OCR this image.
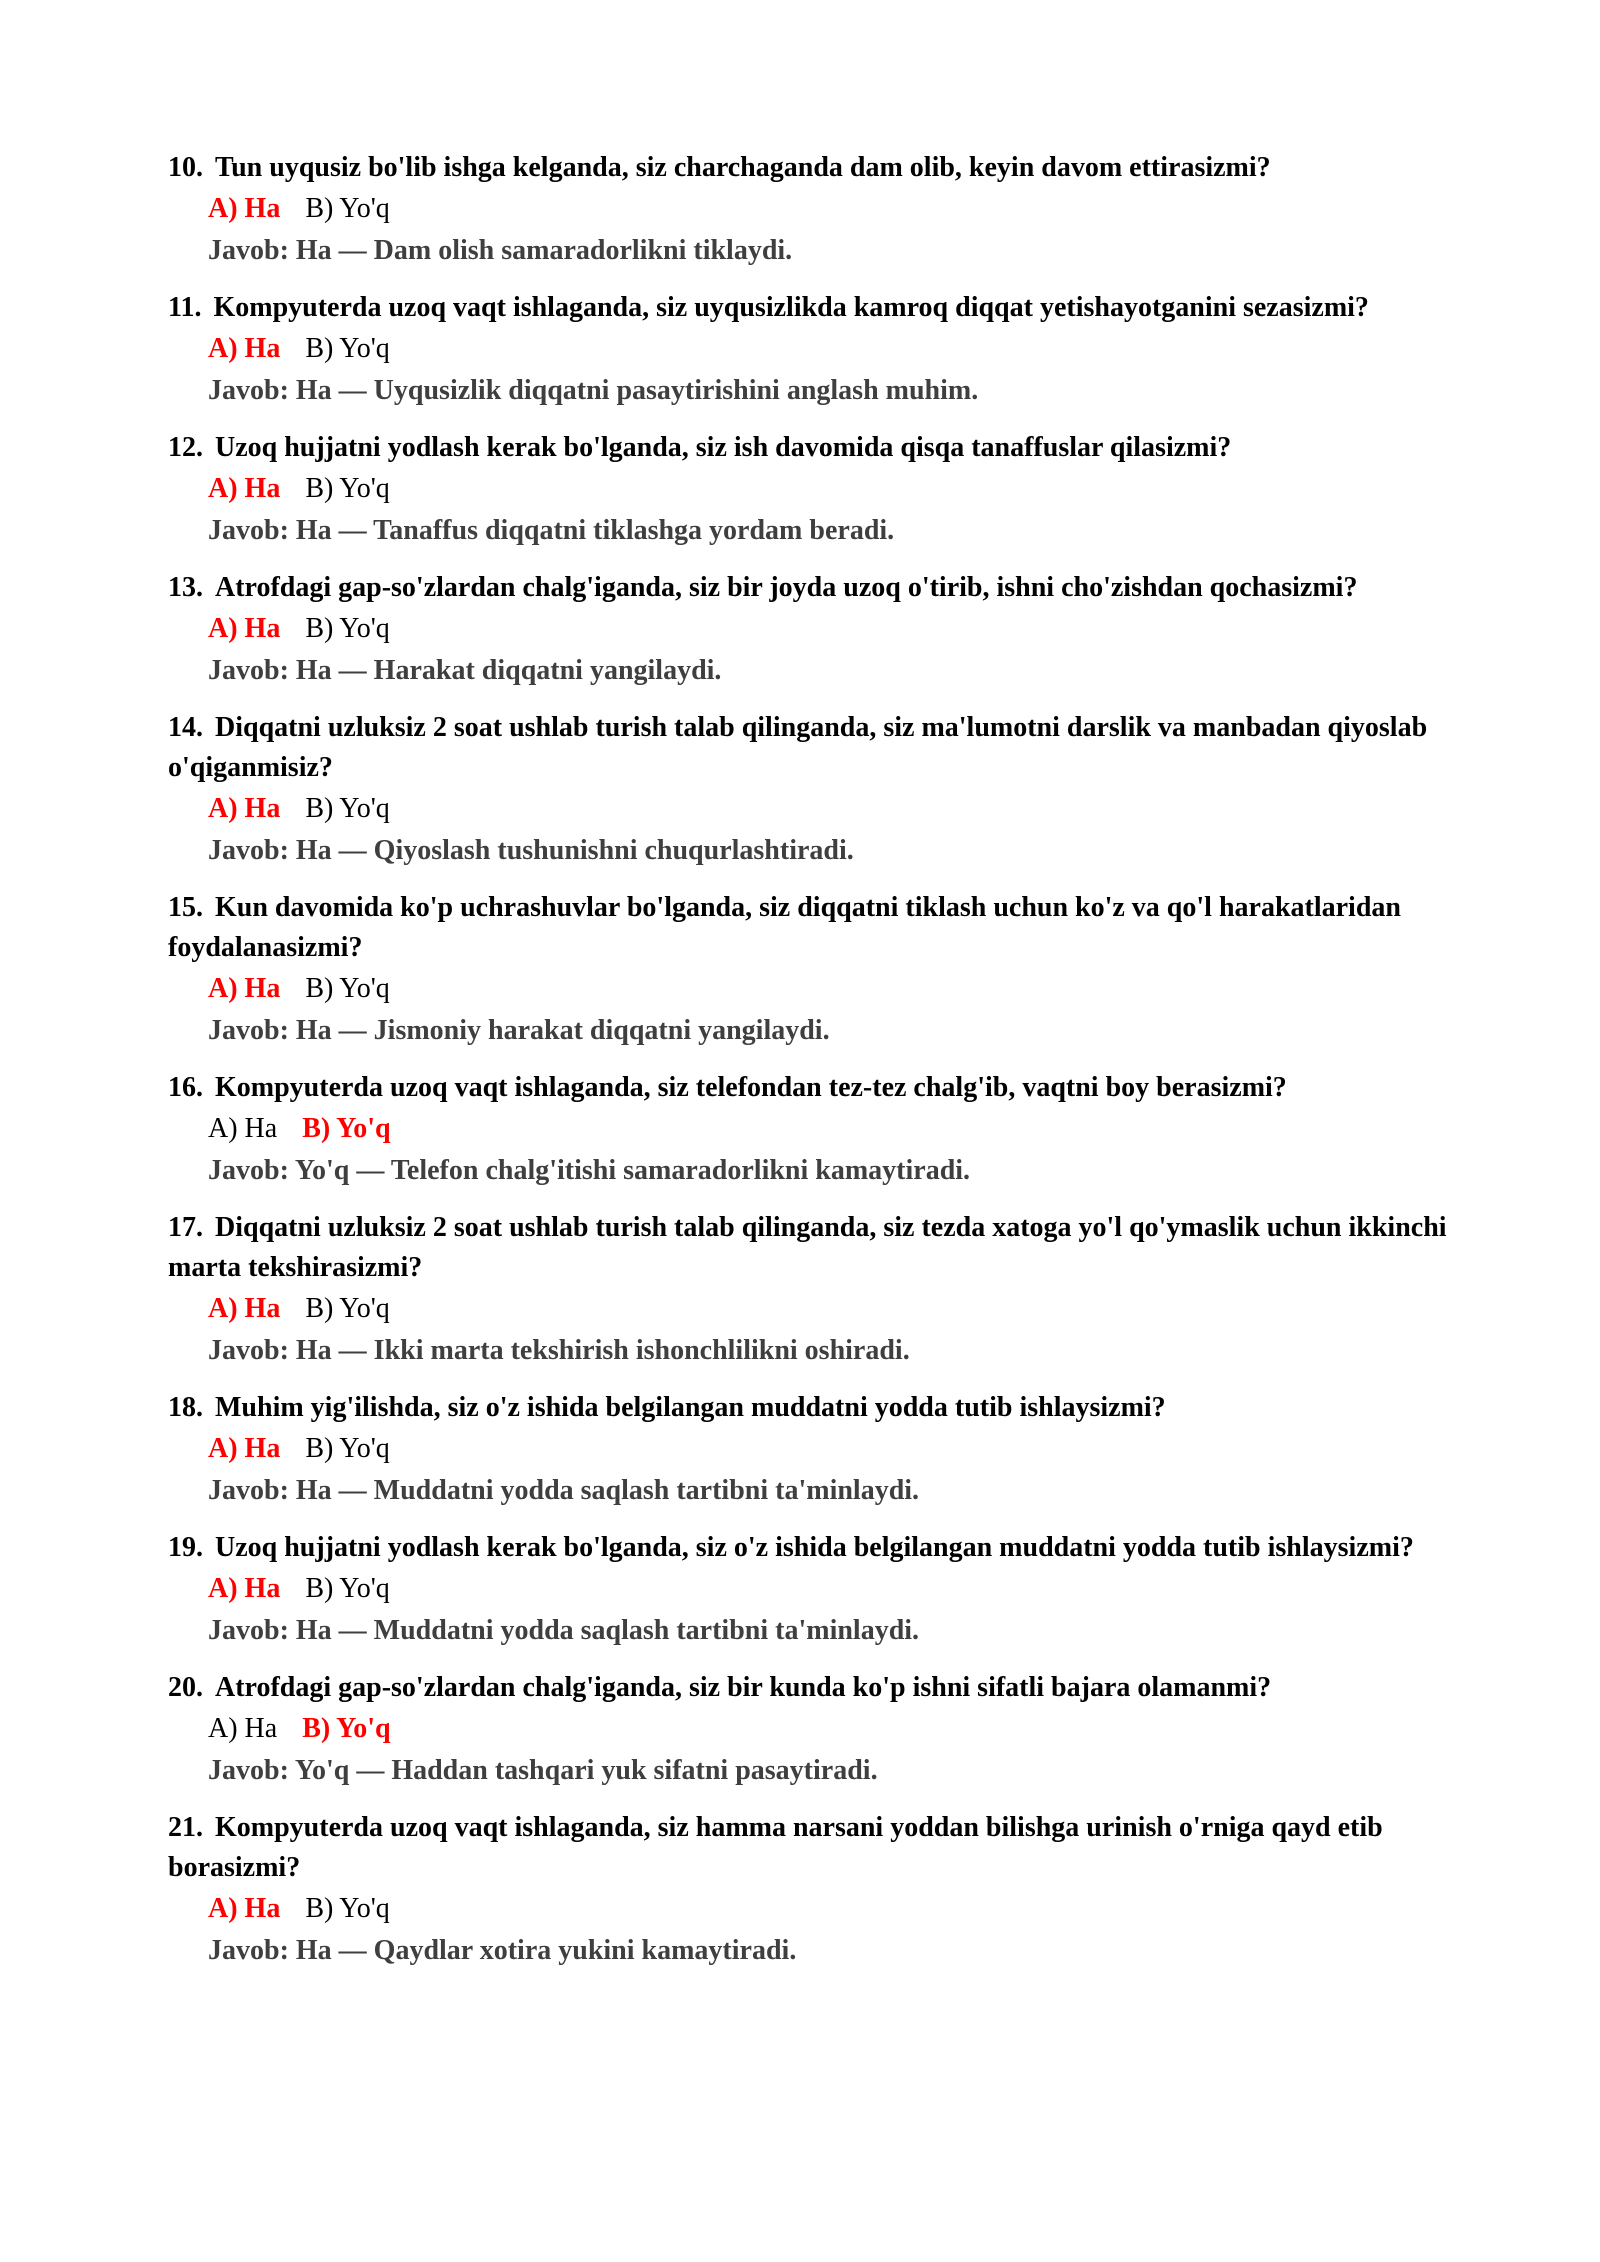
10. Tun uyqusiz bo'lib ishga kelganda, siz charchaganda dam olib, keyin davom ettirasizmi?

A) Ha B) Yo'q
Javob: Ha — Dam olish samaradorlikni tiklaydi.

11. Kompyuterda uzoq vaqt ishlaganda, siz uyqusizlikda kamroq diqqat yetishayotganini sezasizmi?

A) Ha B) Yo'q
Javob: Ha — Uyqusizlik diqqatni pasaytirishini anglash muhim.

12. Uzoq hujjatni yodlash kerak bo'lganda, siz ish davomida qisqa tanaffuslar qilasizmi?

A) Ha B) Yo'q
Javob: Ha — Tanaffus diqqatni tiklashga yordam beradi.

13. Atrofdagi gap-so'zlardan chalg'iganda, siz bir joyda uzoq o'tirib, ishni cho'zishdan qochasizmi?

A) Ha B) Yo'q
Javob: Ha — Harakat diqqatni yangilaydi.

14. Diqqatni uzluksiz 2 soat ushlab turish talab qilinganda, siz ma'lumotni darslik va manbadan qiyoslab o'qiganmisiz?

A) Ha B) Yo'q
Javob: Ha — Qiyoslash tushunishni chuqurlashtiradi.

15. Kun davomida ko'p uchrashuvlar bo'lganda, siz diqqatni tiklash uchun ko'z va qo'l harakatlaridan foydalanasizmi?

A) Ha B) Yo'q
Javob: Ha — Jismoniy harakat diqqatni yangilaydi.

16. Kompyuterda uzoq vaqt ishlaganda, siz telefondan tez-tez chalg'ib, vaqtni boy berasizmi?

A) Ha B) Yo'q
Javob: Yo'q — Telefon chalg'itishi samaradorlikni kamaytiradi.

17. Diqqatni uzluksiz 2 soat ushlab turish talab qilinganda, siz tezda xatoga yo'l qo'ymaslik uchun ikkinchi marta tekshirasizmi?

A) Ha B) Yo'q
Javob: Ha — Ikki marta tekshirish ishonchlilikni oshiradi.

18. Muhim yig'ilishda, siz o'z ishida belgilangan muddatni yodda tutib ishlaysizmi?

A) Ha B) Yo'q
Javob: Ha — Muddatni yodda saqlash tartibni ta'minlaydi.

19. Uzoq hujjatni yodlash kerak bo'lganda, siz o'z ishida belgilangan muddatni yodda tutib ishlaysizmi?

A) Ha B) Yo'q
Javob: Ha — Muddatni yodda saqlash tartibni ta'minlaydi.

20. Atrofdagi gap-so'zlardan chalg'iganda, siz bir kunda ko'p ishni sifatli bajara olamanmi?

A) Ha B) Yo'q
Javob: Yo'q — Haddan tashqari yuk sifatni pasaytiradi.

21. Kompyuterda uzoq vaqt ishlaganda, siz hamma narsani yoddan bilishga urinish o'rniga qayd etib borasizmi?

A) Ha B) Yo'q
Javob: Ha — Qaydlar xotira yukini kamaytiradi.
